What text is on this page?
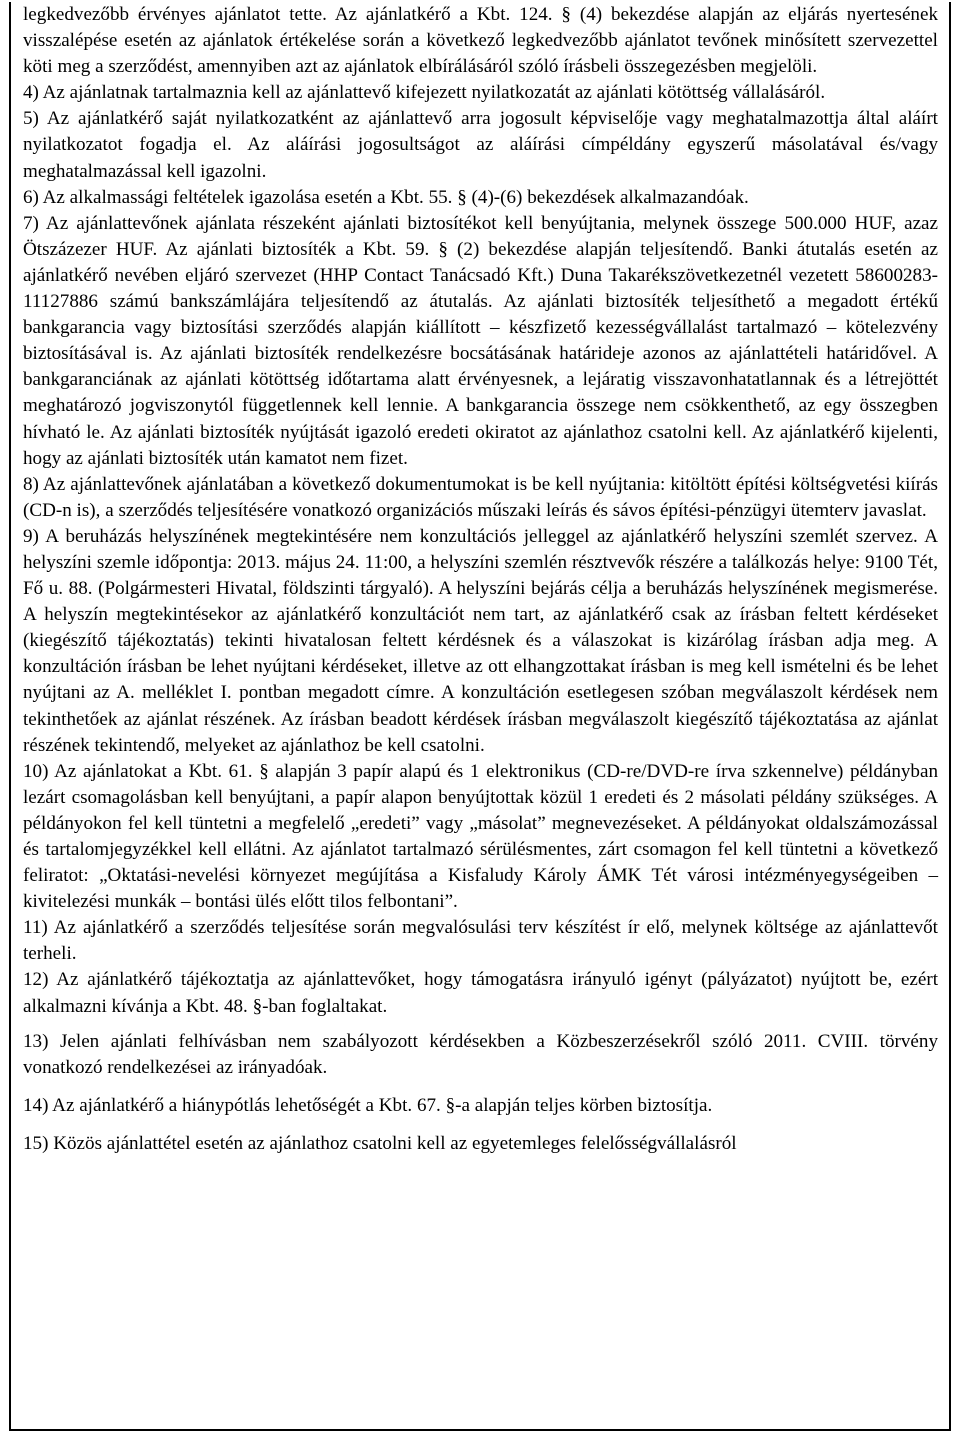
legkedvezőbb érvényes ajánlatot tette. Az ajánlatkérő a Kbt. 124. § (4) bekezdése alapján az eljárás nyertesének visszalépése esetén az ajánlatok értékelése során a következő legkedvezőbb ajánlatot tevőnek minősített szervezettel köti meg a szerződést, amennyiben azt az ajánlatok elbírálásáról szóló írásbeli összegezésben megjelöli.

4) Az ajánlatnak tartalmaznia kell az ajánlattevő kifejezett nyilatkozatát az ajánlati kötöttség vállalásáról.

5) Az ajánlatkérő saját nyilatkozatként az ajánlattevő arra jogosult képviselője vagy meghatalmazottja által aláírt nyilatkozatot fogadja el. Az aláírási jogosultságot az aláírási címpéldány egyszerű másolatával és/vagy meghatalmazással kell igazolni.

6) Az alkalmassági feltételek igazolása esetén a Kbt. 55. § (4)-(6) bekezdések alkalmazandóak.

7) Az ajánlattevőnek ajánlata részeként ajánlati biztosítékot kell benyújtania, melynek összege 500.000 HUF, azaz Ötszázezer HUF. Az ajánlati biztosíték a Kbt. 59. § (2) bekezdése alapján teljesítendő. Banki átutalás esetén az ajánlatkérő nevében eljáró szervezet (HHP Contact Tanácsadó Kft.) Duna Takarékszövetkezetnél vezetett 58600283-11127886 számú bankszámlájára teljesítendő az átutalás. Az ajánlati biztosíték teljesíthető a megadott értékű bankgarancia vagy biztosítási szerződés alapján kiállított – készfizető kezességvállalást tartalmazó – kötelezvény biztosításával is. Az ajánlati biztosíték rendelkezésre bocsátásának határideje azonos az ajánlattételi határidővel. A bankgaranciának az ajánlati kötöttség időtartama alatt érvényesnek, a lejáratig visszavonhatatlannak és a létrejöttét meghatározó jogviszonytól függetlennek kell lennie. A bankgarancia összege nem csökkenthető, az egy összegben hívható le. Az ajánlati biztosíték nyújtását igazoló eredeti okiratot az ajánlathoz csatolni kell. Az ajánlatkérő kijelenti, hogy az ajánlati biztosíték után kamatot nem fizet.

8) Az ajánlattevőnek ajánlatában a következő dokumentumokat is be kell nyújtania: kitöltött építési költségvetési kiírás (CD-n is), a szerződés teljesítésére vonatkozó organizációs műszaki leírás és sávos építési-pénzügyi ütemterv javaslat.

9) A beruházás helyszínének megtekintésére nem konzultációs jelleggel az ajánlatkérő helyszíni szemlét szervez. A helyszíni szemle időpontja: 2013. május 24. 11:00, a helyszíni szemlén résztvevők részére a találkozás helye: 9100 Tét, Fő u. 88. (Polgármesteri Hivatal, földszinti tárgyaló). A helyszíni bejárás célja a beruházás helyszínének megismerése. A helyszín megtekintésekor az ajánlatkérő konzultációt nem tart, az ajánlatkérő csak az írásban feltett kérdéseket (kiegészítő tájékoztatás) tekinti hivatalosan feltett kérdésnek és a válaszokat is kizárólag írásban adja meg. A konzultáción írásban be lehet nyújtani kérdéseket, illetve az ott elhangzottakat írásban is meg kell ismételni és be lehet nyújtani az A. melléklet I. pontban megadott címre. A konzultáción esetlegesen szóban megválaszolt kérdések nem tekinthetőek az ajánlat részének. Az írásban beadott kérdések írásban megválaszolt kiegészítő tájékoztatása az ajánlat részének tekintendő, melyeket az ajánlathoz be kell csatolni.

10) Az ajánlatokat a Kbt. 61. § alapján 3 papír alapú és 1 elektronikus (CD-re/DVD-re írva szkennelve) példányban lezárt csomagolásban kell benyújtani, a papír alapon benyújtottak közül 1 eredeti és 2 másolati példány szükséges. A példányokon fel kell tüntetni a megfelelő „eredeti” vagy „másolat” megnevezéseket. A példányokat oldalszámozással és tartalomjegyzékkel kell ellátni. Az ajánlatot tartalmazó sérülésmentes, zárt csomagon fel kell tüntetni a következő feliratot: „Oktatási-nevelési környezet megújítása a Kisfaludy Károly ÁMK Tét városi intézményegységeiben – kivitelezési munkák – bontási ülés előtt tilos felbontani”.

11) Az ajánlatkérő a szerződés teljesítése során megvalósulási terv készítést ír elő, melynek költsége az ajánlattevőt terheli.

12) Az ajánlatkérő tájékoztatja az ajánlattevőket, hogy támogatásra irányuló igényt (pályázatot) nyújtott be, ezért alkalmazni kívánja a Kbt. 48. §-ban foglaltakat.

13) Jelen ajánlati felhívásban nem szabályozott kérdésekben a Közbeszerzésekről szóló 2011. CVIII. törvény vonatkozó rendelkezései az irányadóak.

14) Az ajánlatkérő a hiánypótlás lehetőségét a Kbt. 67. §-a alapján teljes körben biztosítja.

15) Közös ajánlattétel esetén az ajánlathoz csatolni kell az egyetemleges felelősségvállalásról
